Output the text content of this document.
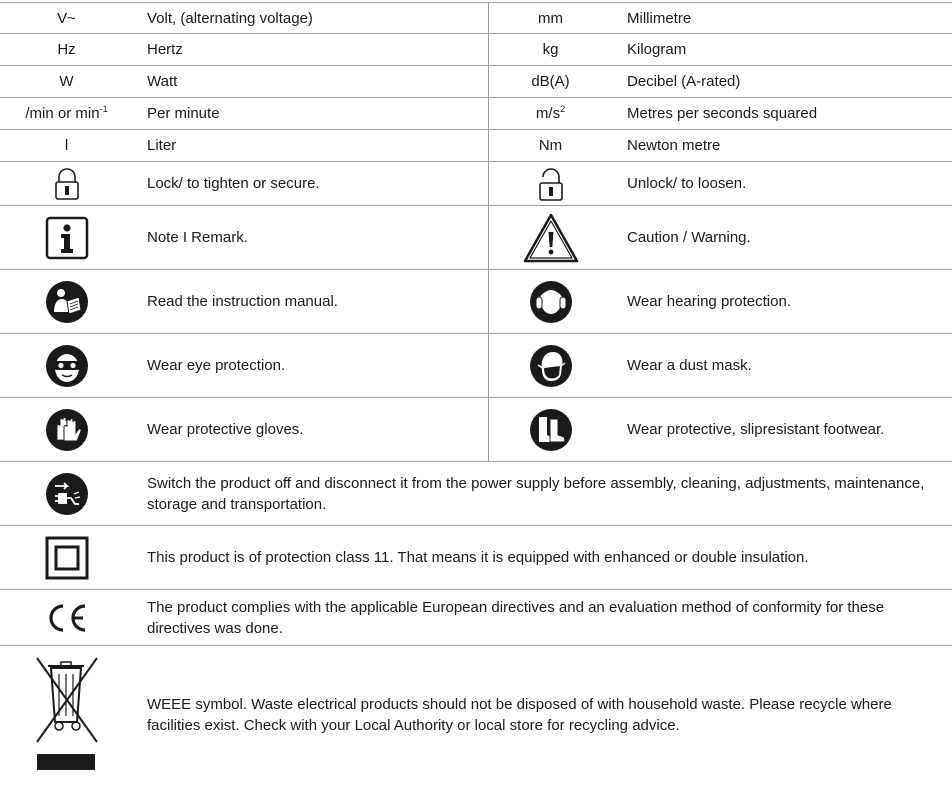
V~	Volt, (alternating voltage)	mm	Millimetre
Hz	Hertz	kg	Kilogram
W	Watt	dB(A)	Decibel (A-rated)
/min or $\min^{-1}$	Per minute	$m/s^2$	Metres per seconds squared
l	Liter	Nm	Newton metre
Lock/ to tighten or secure.	Unlock/ to loosen.
Note I Remark.	Caution / Warning.
Read the instruction manual.	Wear hearing protection.
Wear eye protection.	Wear a dust mask.
Wear protective gloves.	Wear protective, slipresistant footwear.
Switch the product off and disconnect it from the power supply before assembly, cleaning, adjustments, maintenance, storage and transportation.
This product is of protection class 11. That means it is equipped with enhanced or double insulation.
The product complies with the applicable European directives and an evaluation method of conformity for these directives was done.
WEEE symbol. Waste electrical products should not be disposed of with household waste. Please recycle where facilities exist. Check with your Local Authority or local store for recycling advice.
